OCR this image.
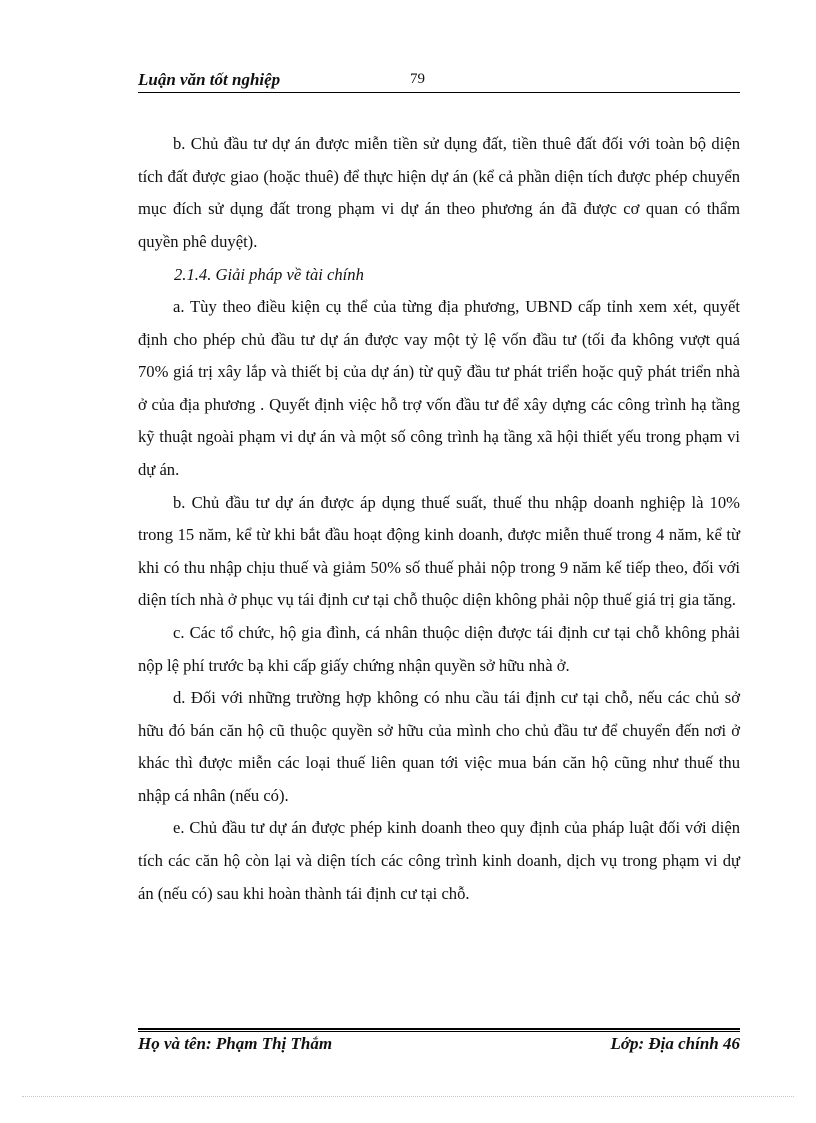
Luận văn tốt nghiệp	79

b. Chủ đầu tư dự án được miễn tiền sử dụng đất, tiền thuê đất đối với toàn bộ diện tích đất được giao (hoặc thuê) để thực hiện dự án (kể cả phần diện tích được phép chuyển mục đích sử dụng đất trong phạm vi dự án theo phương án đã được cơ quan có thẩm quyền phê duyệt).

2.1.4. Giải pháp về tài chính

a. Tùy theo điều kiện cụ thể của từng địa phương, UBND cấp tỉnh xem xét, quyết định cho phép chủ đầu tư dự án được vay một tỷ lệ vốn đầu tư (tối đa không vượt quá 70% giá trị xây lắp và thiết bị của dự án) từ quỹ đầu tư phát triển hoặc quỹ phát triển nhà ở của địa phương . Quyết định việc hỗ trợ vốn đầu tư để xây dựng các công trình hạ tầng kỹ thuật ngoài phạm vi dự án và một số công trình hạ tầng xã hội thiết yếu trong phạm vi dự án.

b. Chủ đầu tư dự án được áp dụng thuế suất, thuế thu nhập doanh nghiệp là 10% trong 15 năm, kể từ khi bắt đầu hoạt động kinh doanh, được miễn thuế trong 4 năm, kể từ khi có thu nhập chịu thuế và giảm 50% số thuế phải nộp trong 9 năm kế tiếp theo, đối với diện tích nhà ở phục vụ tái định cư tại chỗ thuộc diện không phải nộp thuế giá trị gia tăng.

c. Các tổ chức, hộ gia đình, cá nhân thuộc diện được tái định cư tại chỗ không phải nộp lệ phí trước bạ khi cấp giấy chứng nhận quyền sở hữu nhà ở.

d. Đối với những trường hợp không có nhu cầu tái định cư tại chỗ, nếu các chủ sở hữu đó bán căn hộ cũ thuộc quyền sở hữu của mình cho chủ đầu tư để chuyển đến nơi ở khác thì được miễn các loại thuế liên quan tới việc mua bán căn hộ cũng như thuế thu nhập cá nhân (nếu có).

e. Chủ đầu tư dự án được phép kinh doanh theo quy định của pháp luật đối với diện tích các căn hộ còn lại và diện tích các công trình kinh doanh, dịch vụ trong phạm vi dự án (nếu có) sau khi hoàn thành tái định cư tại chỗ.

Họ và tên: Phạm Thị Thắm	Lớp: Địa chính 46
